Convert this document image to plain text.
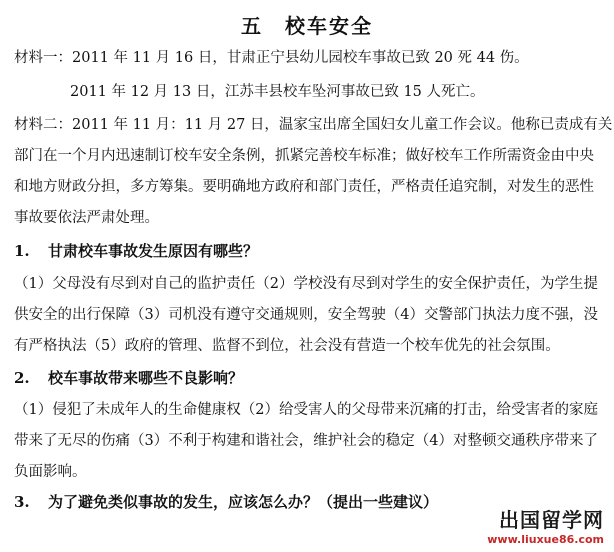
五 校车安全
材料一：2011 年 11 月 16 日，甘肃正宁县幼儿园校车事故已致 20 死 44 伤。
2011 年 12 月 13 日，江苏丰县校车坠河事故已致 15 人死亡。
材料二：2011 年 11 月：11 月 27 日，温家宝出席全国妇女儿童工作会议。他称已责成有关
部门在一个月内迅速制订校车安全条例，抓紧完善校车标准；做好校车工作所需资金由中央
和地方财政分担，多方筹集。要明确地方政府和部门责任，严格责任追究制，对发生的恶性
事故要依法严肃处理。
1. 甘肃校车事故发生原因有哪些？
（1）父母没有尽到对自己的监护责任（2）学校没有尽到对学生的安全保护责任，为学生提
供安全的出行保障（3）司机没有遵守交通规则，安全驾驶（4）交警部门执法力度不强，没
有严格执法（5）政府的管理、监督不到位，社会没有营造一个校车优先的社会氛围。
2. 校车事故带来哪些不良影响？
（1）侵犯了未成年人的生命健康权（2）给受害人的父母带来沉痛的打击，给受害者的家庭
带来了无尽的伤痛（3）不利于构建和谐社会，维护社会的稳定（4）对整顿交通秩序带来了
负面影响。
3. 为了避免类似事故的发生，应该怎么办？（提出一些建议）
出国留学网
www.liuxue86.com
